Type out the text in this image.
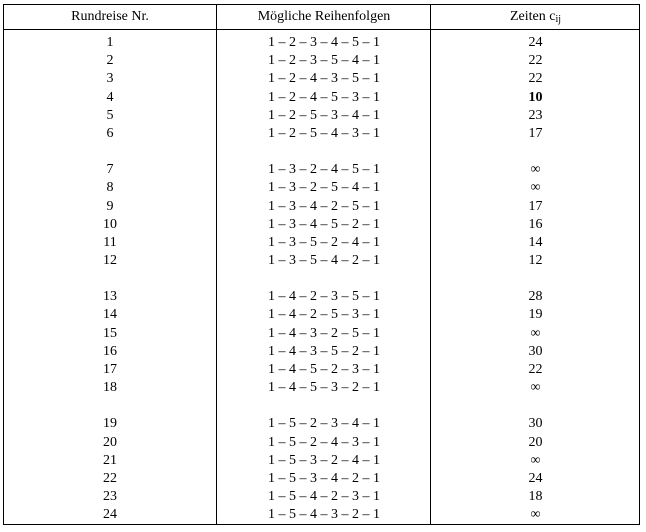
Rundreise Nr.
1
2
3
4
5
6
7
8
9
10
11
12
13
14
15
16
17
18
19
20
21
22
23
24
Mögliche Reihenfolgen
1 – 2 – 3 – 4 – 5 – 1
1 – 2 – 3 – 5 – 4 – 1
1 – 2 – 4 – 3 – 5 – 1
1 – 2 – 4 – 5 – 3 – 1
1 – 2 – 5 – 3 – 4 – 1
1 – 2 – 5 – 4 – 3 – 1
1 – 3 – 2 – 4 – 5 – 1
1 – 3 – 2 – 5 – 4 – 1
1 – 3 – 4 – 2 – 5 – 1
1 – 3 – 4 – 5 – 2 – 1
1 – 3 – 5 – 2 – 4 – 1
1 – 3 – 5 – 4 – 2 – 1
1 – 4 – 2 – 3 – 5 – 1
1 – 4 – 2 – 5 – 3 – 1
1 – 4 – 3 – 2 – 5 – 1
1 – 4 – 3 – 5 – 2 – 1
1 – 4 – 5 – 2 – 3 – 1
1 – 4 – 5 – 3 – 2 – 1
1 – 5 – 2 – 3 – 4 – 1
1 – 5 – 2 – 4 – 3 – 1
1 – 5 – 3 – 2 – 4 – 1
1 – 5 – 3 – 4 – 2 – 1
1 – 5 – 4 – 2 – 3 – 1
1 – 5 – 4 – 3 – 2 – 1
Zeiten $c_{ij}$
24
22
22
10
23
17
∞
∞
17
16
14
12
28
19
∞
30
22
∞
30
20
∞
24
18
∞
